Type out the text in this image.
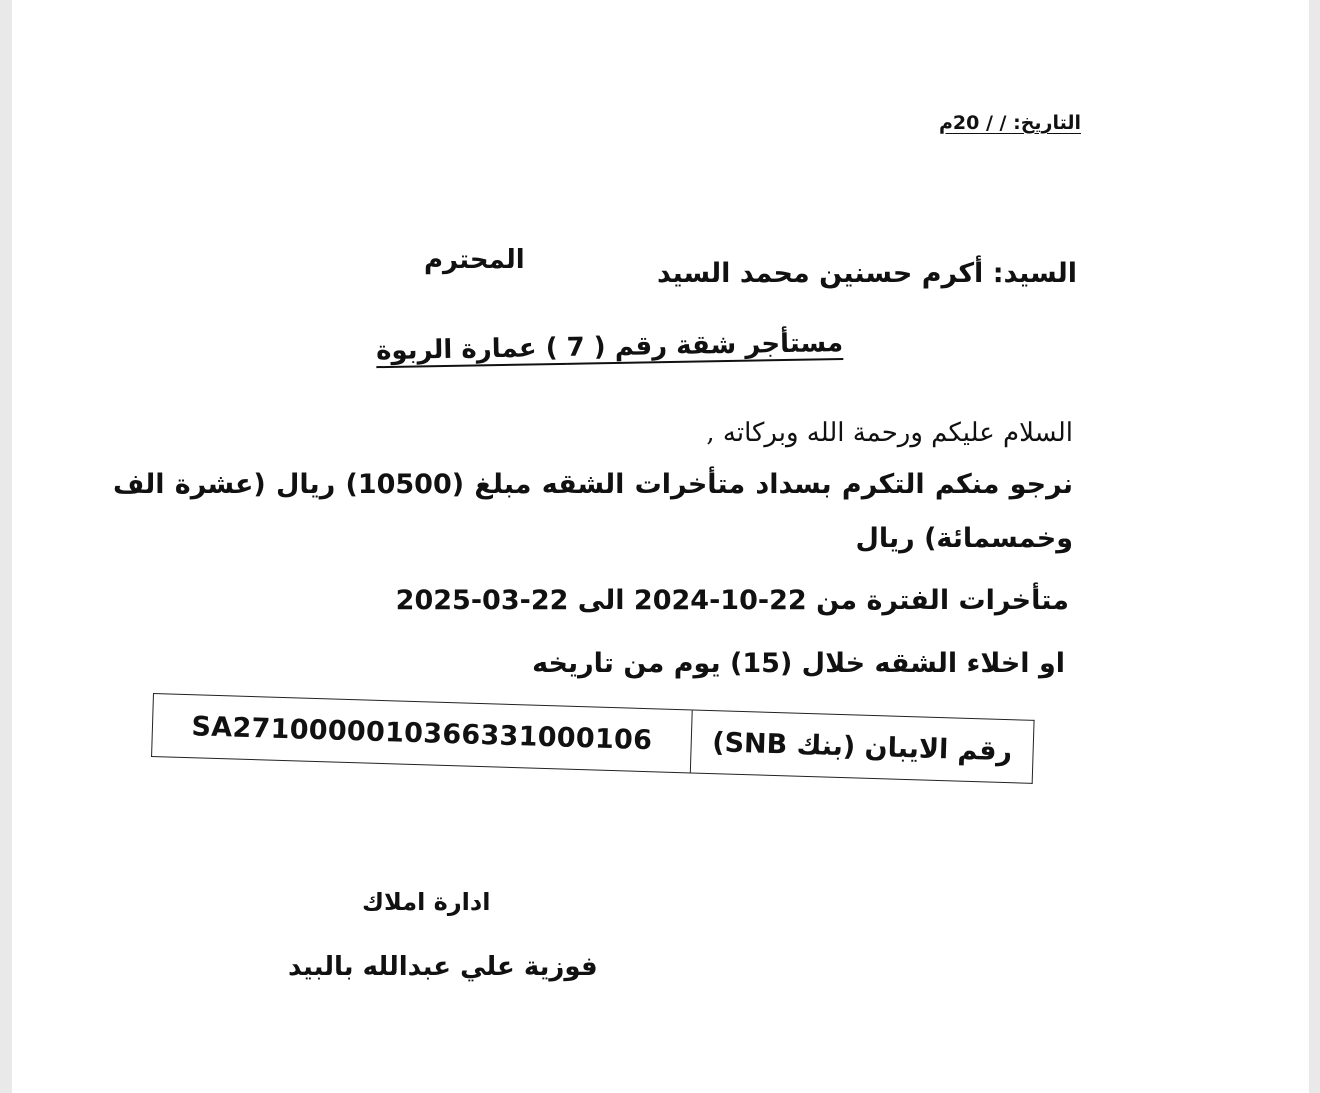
التاريخ: / / 20م
السيد: أكرم حسنين محمد السيد
المحترم
مستأجر شقة رقم ( 7 ) عمارة الربوة
السلام عليكم ورحمة الله وبركاته ,
نرجو منكم التكرم بسداد متأخرات الشقه مبلغ (10500) ريال (عشرة الف وخمسمائة) ريال
متأخرات الفترة من 22-10-2024 الى 22-03-2025
او اخلاء الشقه خلال (15) يوم من تاريخه
SA2710000010366331000106	رقم الايبان (بنك SNB)
ادارة املاك
فوزية علي عبدالله بالبيد
